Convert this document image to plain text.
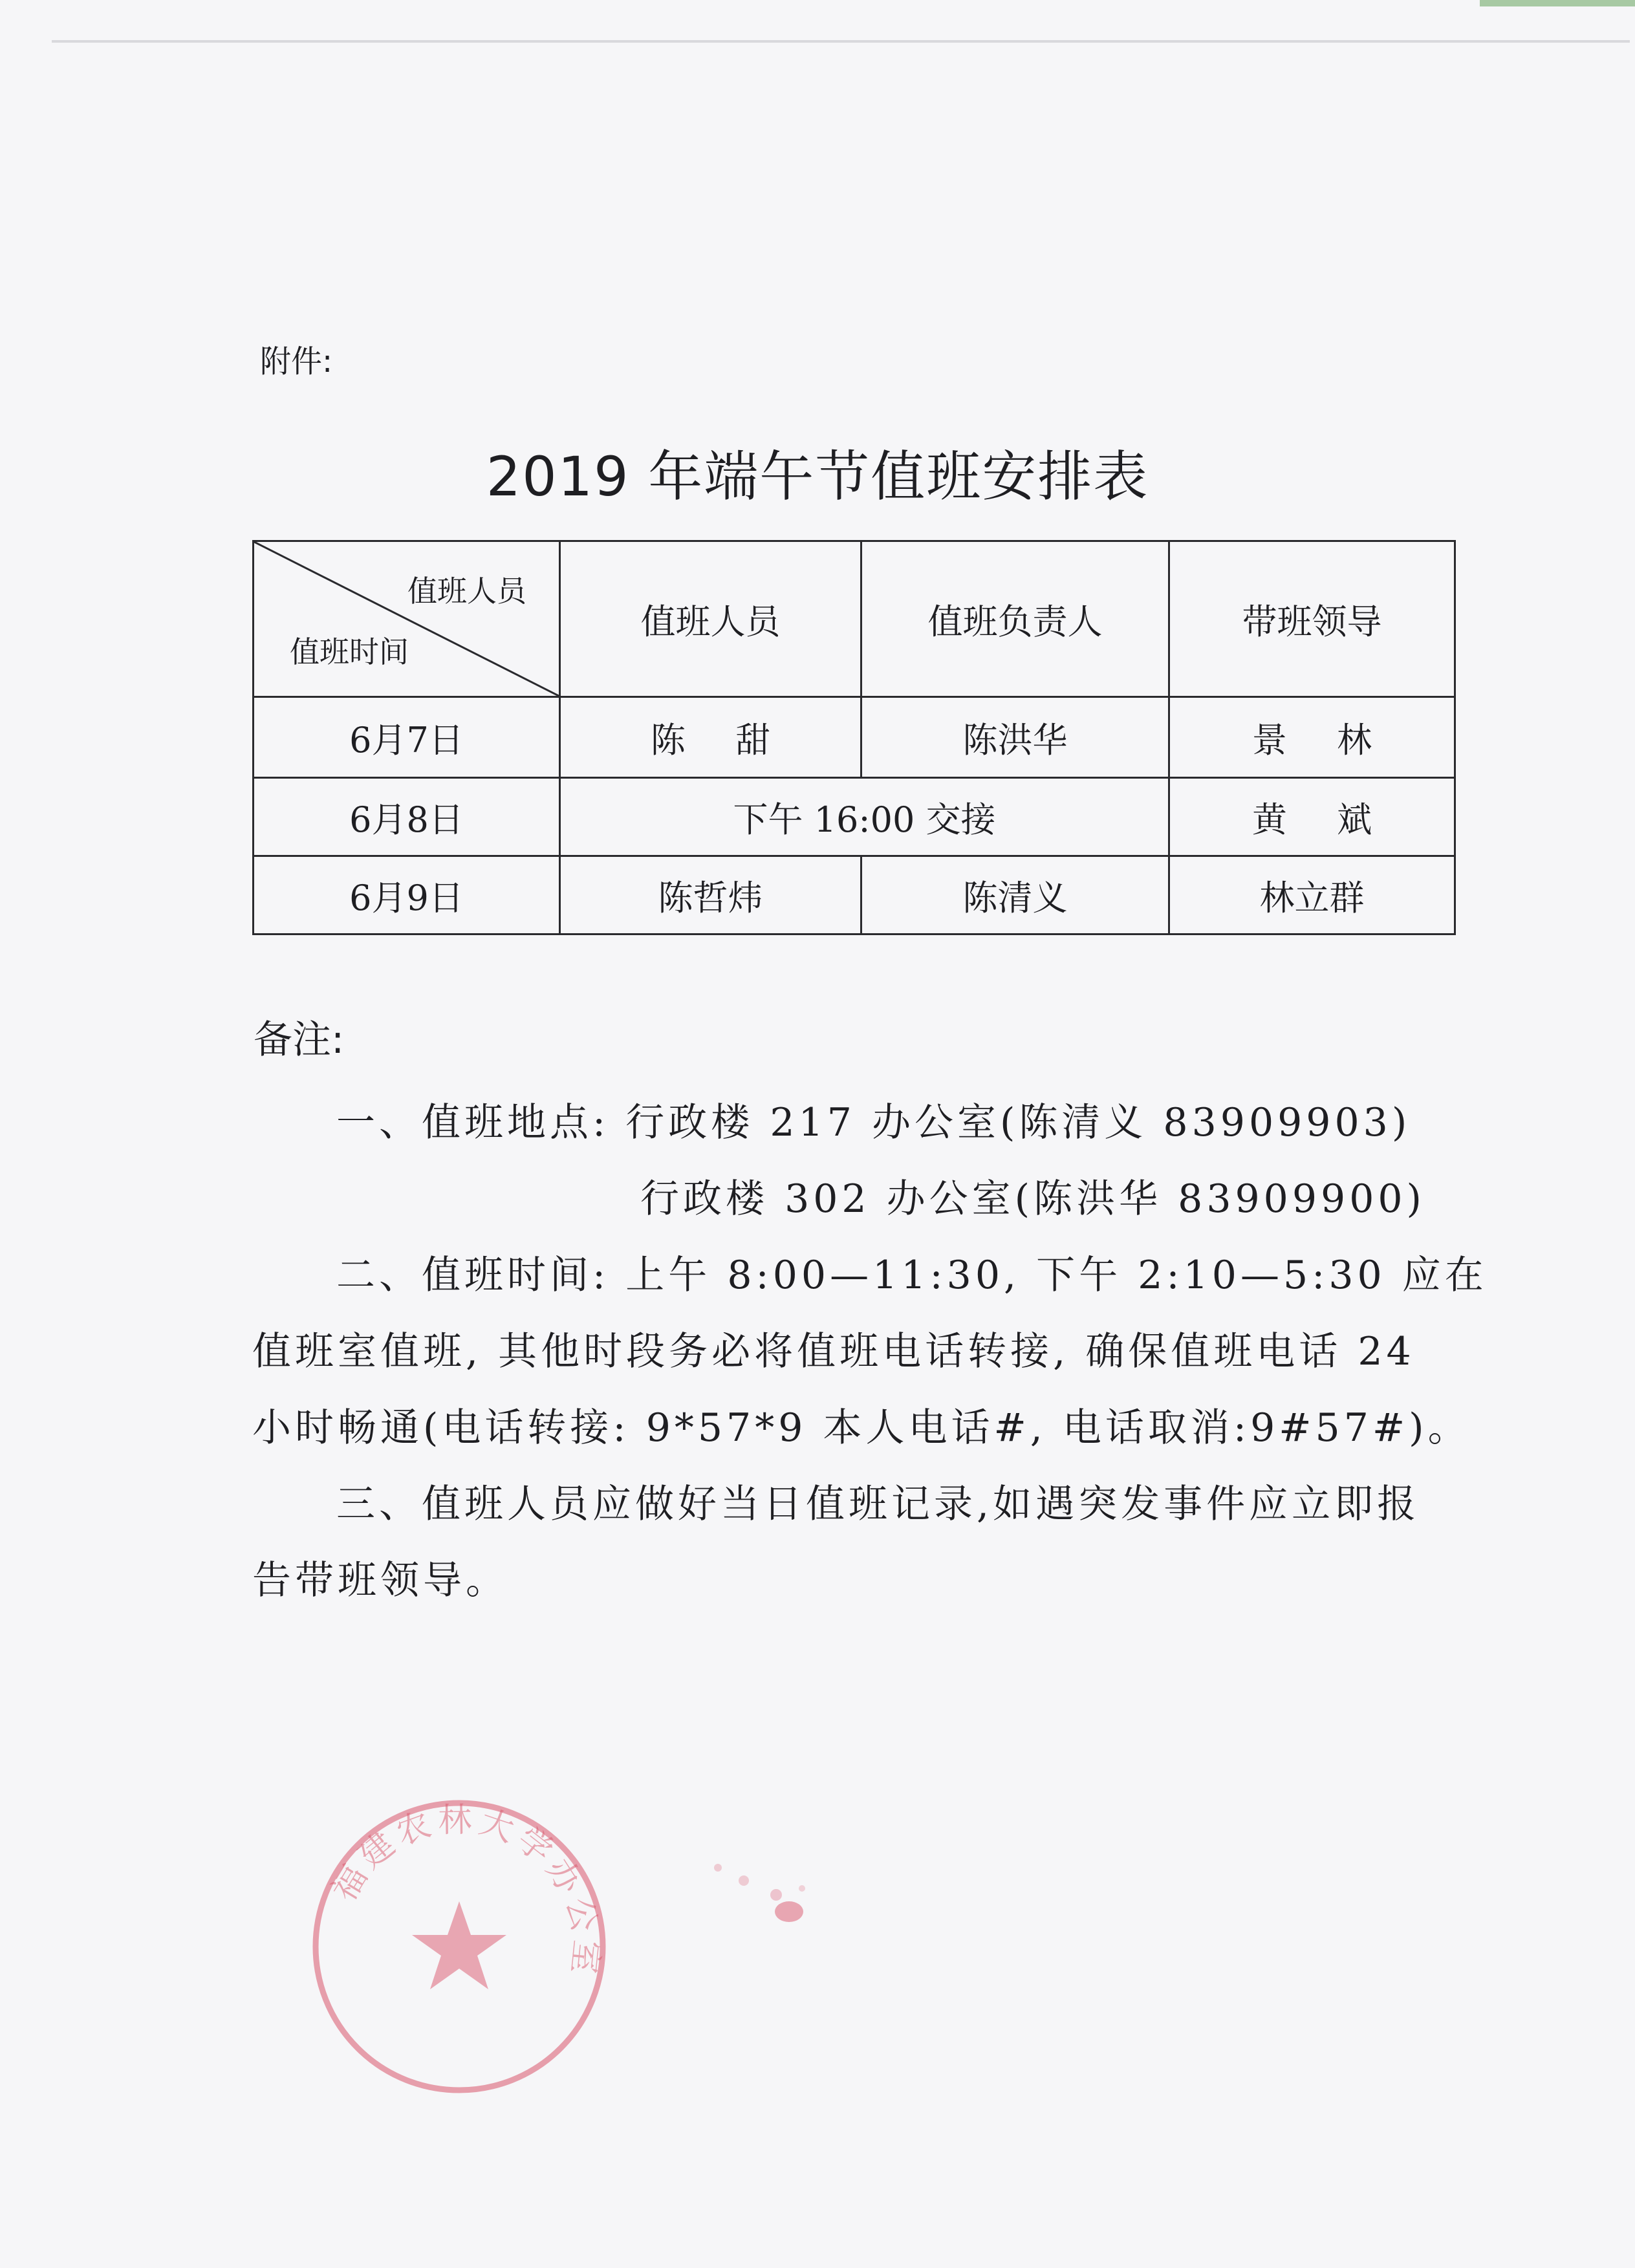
附件:
2019 年端午节值班安排表
值班人员
值班时间	值班人员	值班负责人	带班领导
6月7日	陈 甜	陈洪华	景 林
6月8日	下午 16:00 交接		黄 斌
6月9日	陈哲炜	陈清义	林立群
备注:
一、值班地点: 行政楼 217 办公室(陈清义 83909903)
行政楼 302 办公室(陈洪华 83909900)
二、值班时间: 上午 8:00—11:30, 下午 2:10—5:30 应在
值班室值班, 其他时段务必将值班电话转接, 确保值班电话 24
小时畅通(电话转接: 9*57*9 本人电话#, 电话取消:9#57#)。
三、值班人员应做好当日值班记录,如遇突发事件应立即报
告带班领导。
福建农林大学办公室
